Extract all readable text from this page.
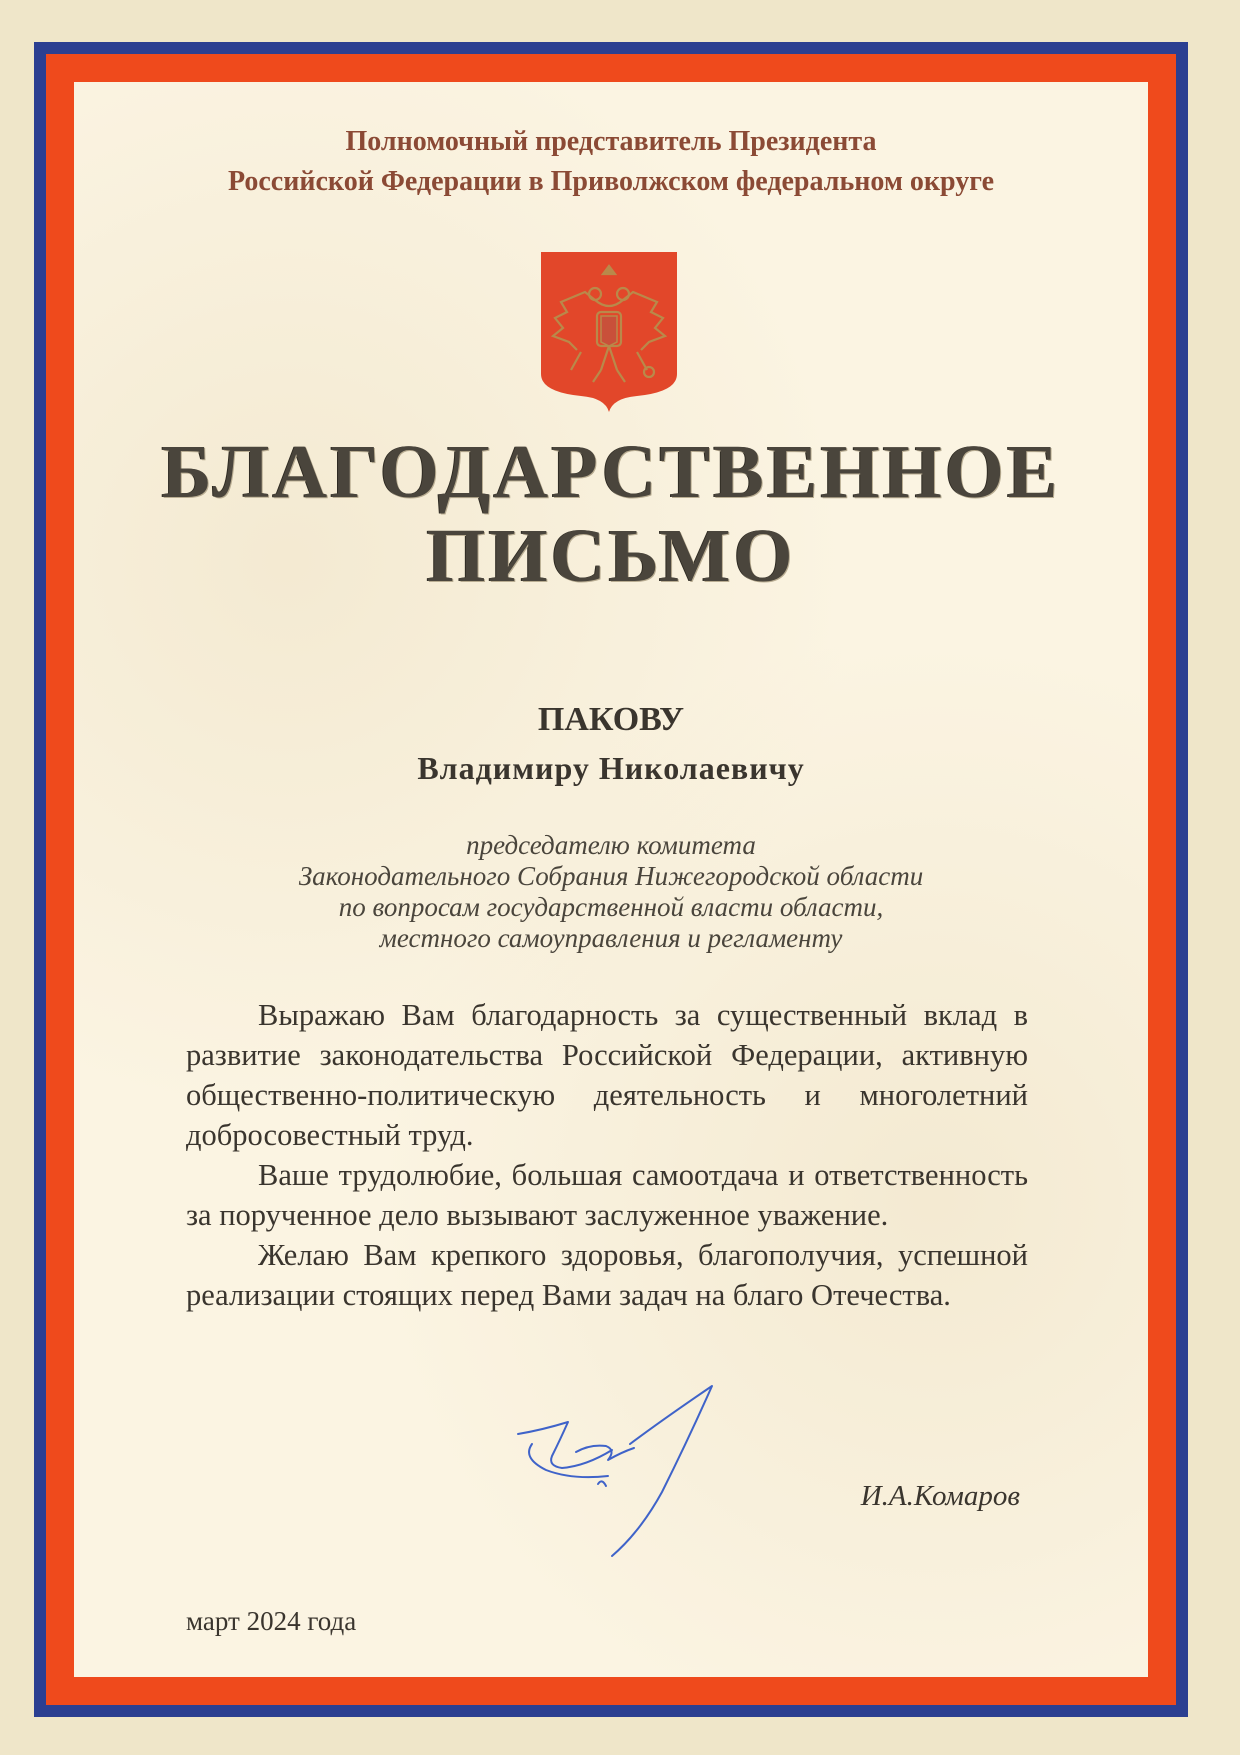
Полномочный представитель Президента
Российской Федерации в Приволжском федеральном округе
БЛАГОДАРСТВЕННОЕ
ПИСЬМО
ПАКОВУ
Владимиру Николаевичу
председателю комитета
Законодательного Собрания Нижегородской области
по вопросам государственной власти области,
местного самоуправления и регламенту

Выражаю Вам благодарность за существенный вклад в развитие законодательства Российской Федерации, активную общественно-политическую деятельность и многолетний добросовестный труд.

Ваше трудолюбие, большая самоотдача и ответственность за порученное дело вызывают заслуженное уважение.

Желаю Вам крепкого здоровья, благополучия, успешной реализации стоящих перед Вами задач на благо Отечества.

И.А.Комаров
март 2024 года
